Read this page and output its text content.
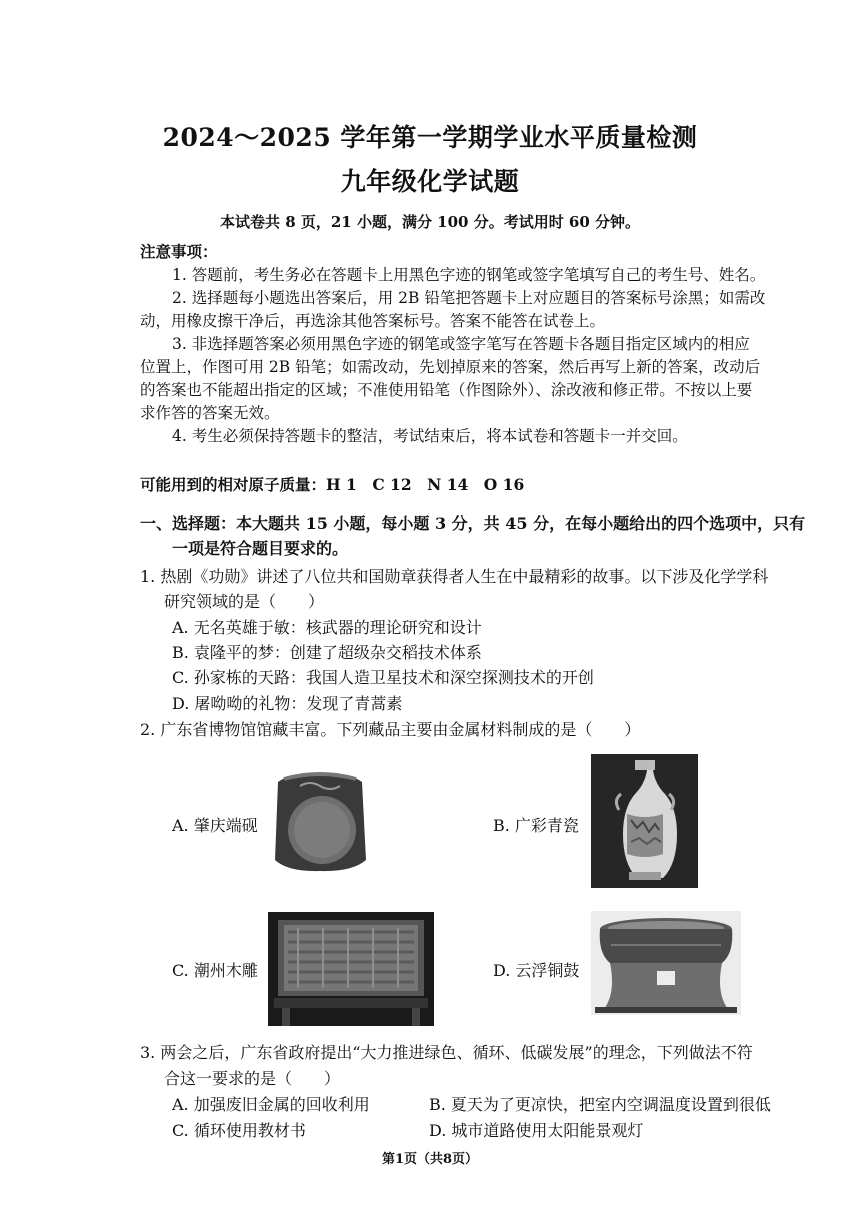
2024～2025 学年第一学期学业水平质量检测
九年级化学试题
本试卷共 8 页，21 小题，满分 100 分。考试用时 60 分钟。
注意事项：
1. 答题前，考生务必在答题卡上用黑色字迹的钢笔或签字笔填写自己的考生号、姓名。
2. 选择题每小题选出答案后，用 2B 铅笔把答题卡上对应题目的答案标号涂黑；如需改
动，用橡皮擦干净后，再选涂其他答案标号。答案不能答在试卷上。
3. 非选择题答案必须用黑色字迹的钢笔或签字笔写在答题卡各题目指定区域内的相应
位置上，作图可用 2B 铅笔；如需改动，先划掉原来的答案，然后再写上新的答案，改动后
的答案也不能超出指定的区域；不准使用铅笔（作图除外）、涂改液和修正带。不按以上要
求作答的答案无效。
4. 考生必须保持答题卡的整洁，考试结束后，将本试卷和答题卡一并交回。
可能用到的相对原子质量：H 1　C 12　N 14　O 16
一、选择题：本大题共 15 小题，每小题 3 分，共 45 分，在每小题给出的四个选项中，只有
一项是符合题目要求的。
1. 热剧《功勋》讲述了八位共和国勋章获得者人生在中最精彩的故事。以下涉及化学学科
研究领域的是（　　）
A. 无名英雄于敏：核武器的理论研究和设计
B. 袁隆平的梦：创建了超级杂交稻技术体系
C. 孙家栋的天路：我国人造卫星技术和深空探测技术的开创
D. 屠呦呦的礼物：发现了青蒿素
2. 广东省博物馆馆藏丰富。下列藏品主要由金属材料制成的是（　　）
A. 肇庆端砚	B. 广彩青瓷
C. 潮州木雕	D. 云浮铜鼓
3. 两会之后，广东省政府提出“大力推进绿色、循环、低碳发展”的理念，下列做法不符
合这一要求的是（　　）
A. 加强废旧金属的回收利用	B. 夏天为了更凉快，把室内空调温度设置到很低
C. 循环使用教材书	D. 城市道路使用太阳能景观灯
第1页（共8页）
